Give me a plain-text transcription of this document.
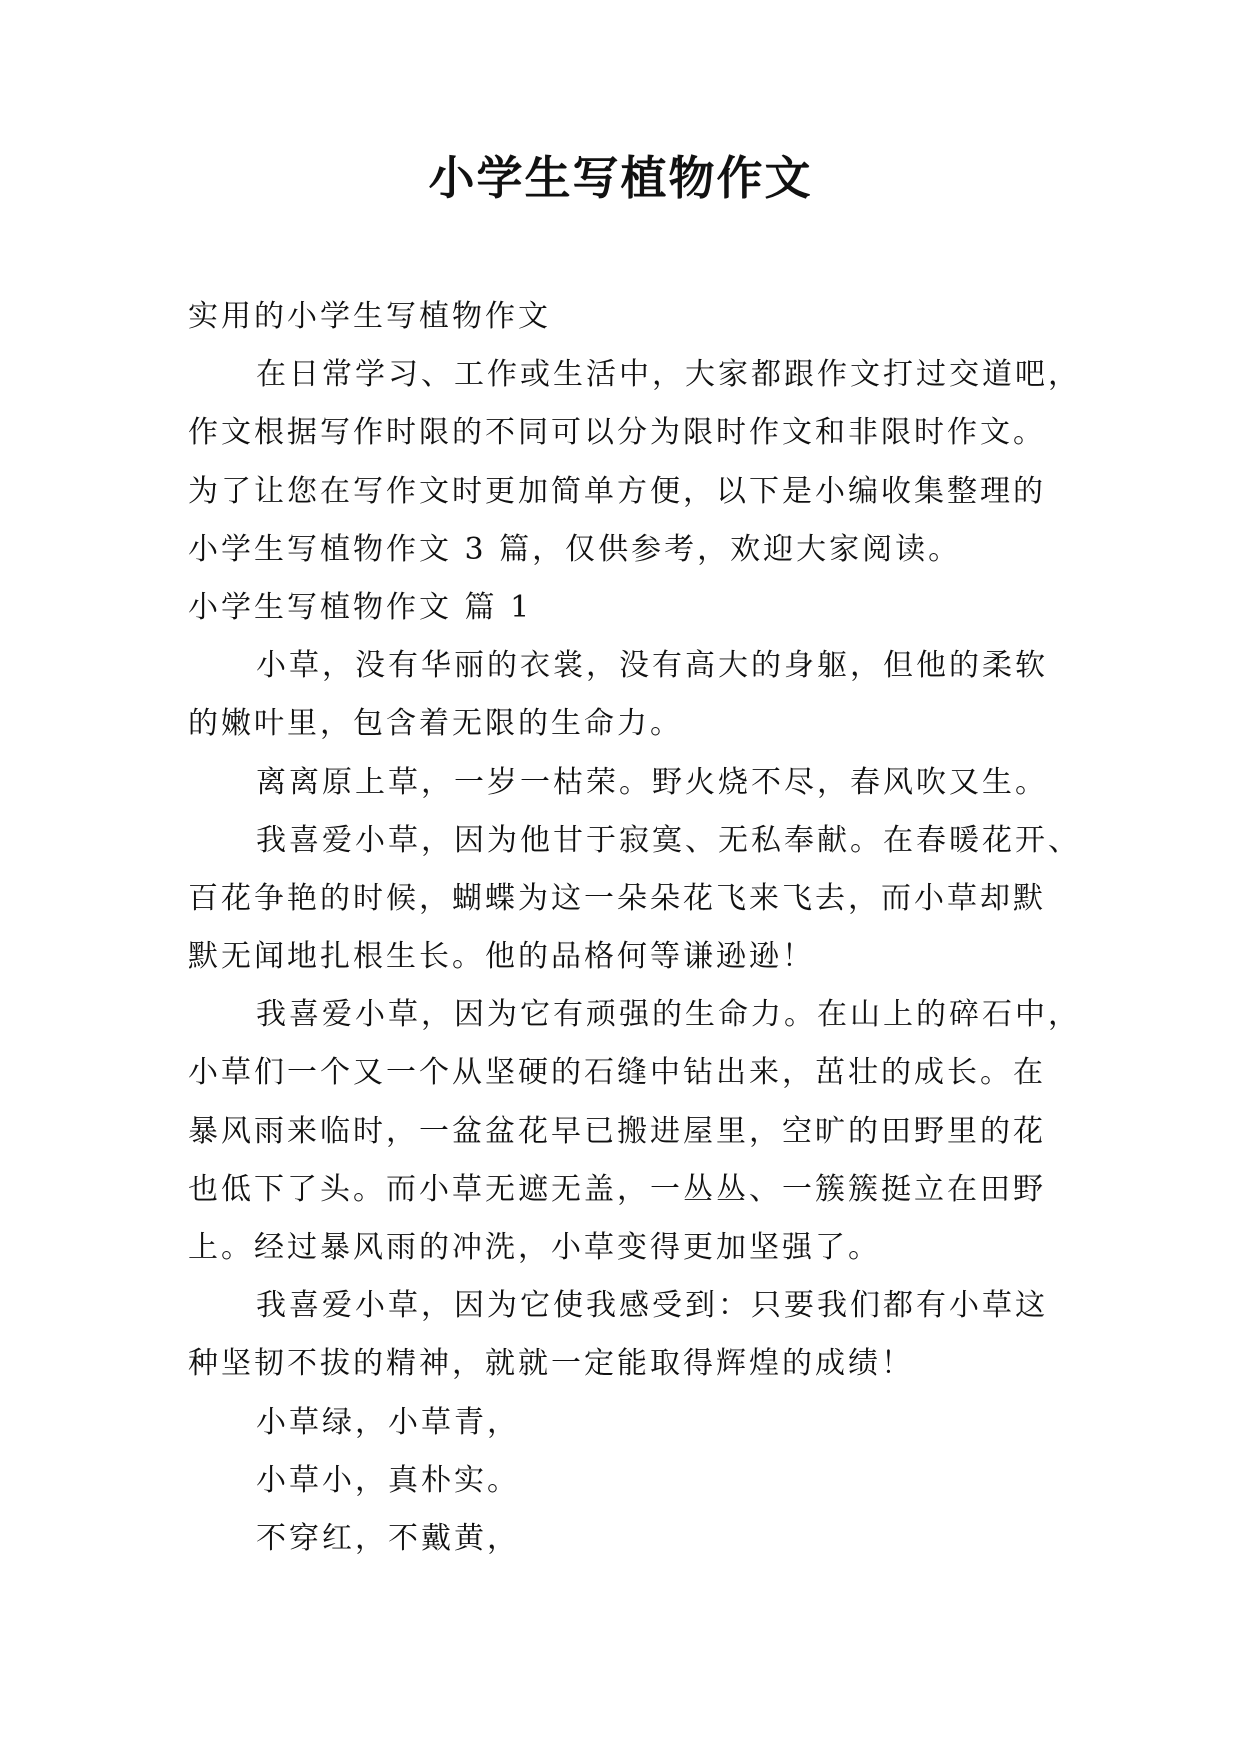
小学生写植物作文
实用的小学生写植物作文
在日常学习、工作或生活中，大家都跟作文打过交道吧，
作文根据写作时限的不同可以分为限时作文和非限时作文。
为了让您在写作文时更加简单方便，以下是小编收集整理的
小学生写植物作文 3 篇，仅供参考，欢迎大家阅读。
小学生写植物作文 篇 1
小草，没有华丽的衣裳，没有高大的身躯，但他的柔软
的嫩叶里，包含着无限的生命力。
离离原上草，一岁一枯荣。野火烧不尽，春风吹又生。
我喜爱小草，因为他甘于寂寞、无私奉献。在春暖花开、
百花争艳的时候，蝴蝶为这一朵朵花飞来飞去，而小草却默
默无闻地扎根生长。他的品格何等谦逊逊！
我喜爱小草，因为它有顽强的生命力。在山上的碎石中，
小草们一个又一个从坚硬的石缝中钻出来，茁壮的成长。在
暴风雨来临时，一盆盆花早已搬进屋里，空旷的田野里的花
也低下了头。而小草无遮无盖，一丛丛、一簇簇挺立在田野
上。经过暴风雨的冲洗，小草变得更加坚强了。
我喜爱小草，因为它使我感受到：只要我们都有小草这
种坚韧不拔的精神，就就一定能取得辉煌的成绩！
小草绿，小草青，
小草小，真朴实。
不穿红，不戴黄，
